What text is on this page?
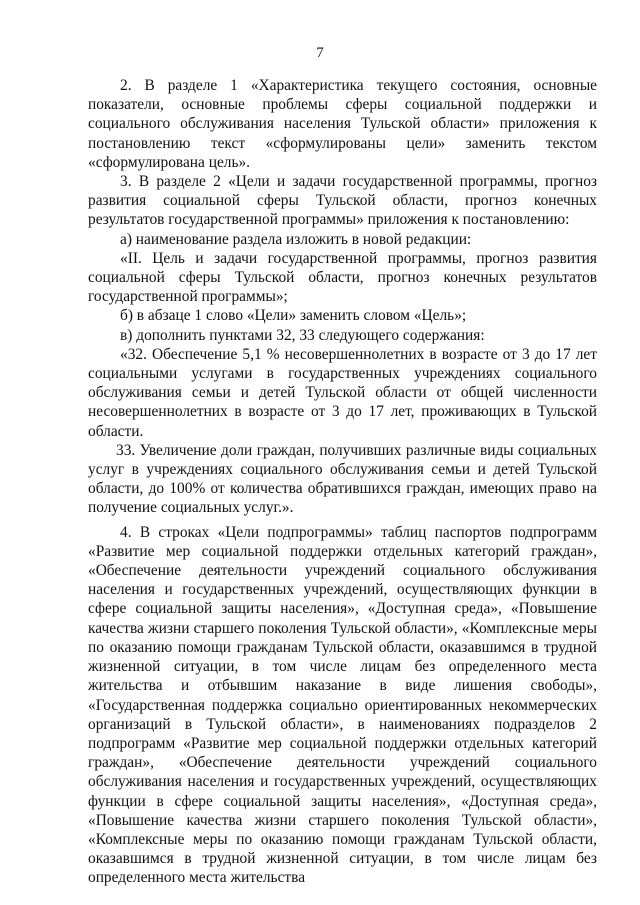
7

2. В разделе 1 «Характеристика текущего состояния, основные показатели, основные проблемы сферы социальной поддержки и социального обслуживания населения Тульской области» приложения к постановлению текст «сформулированы цели» заменить текстом «сформулирована цель».

3. В разделе 2 «Цели и задачи государственной программы, прогноз развития социальной сферы Тульской области, прогноз конечных результатов государственной программы» приложения к постановлению:

а) наименование раздела изложить в новой редакции:

«II. Цель и задачи государственной программы, прогноз развития социальной сферы Тульской области, прогноз конечных результатов государственной программы»;

б) в абзаце 1 слово «Цели» заменить словом «Цель»;

в) дополнить пунктами 32, 33 следующего содержания:

«32. Обеспечение 5,1 % несовершеннолетних в возрасте от 3 до 17 лет социальными услугами в государственных учреждениях социального обслуживания семьи и детей Тульской области от общей численности несовершеннолетних в возрасте от 3 до 17 лет, проживающих в Тульской области.

33. Увеличение доли граждан, получивших различные виды социальных услуг в учреждениях социального обслуживания семьи и детей Тульской области, до 100% от количества обратившихся граждан, имеющих право на получение социальных услуг.».

4. В строках «Цели подпрограммы» таблиц паспортов подпрограмм «Развитие мер социальной поддержки отдельных категорий граждан», «Обеспечение деятельности учреждений социального обслуживания населения и государственных учреждений, осуществляющих функции в сфере социальной защиты населения», «Доступная среда», «Повышение качества жизни старшего поколения Тульской области», «Комплексные меры по оказанию помощи гражданам Тульской области, оказавшимся в трудной жизненной ситуации, в том числе лицам без определенного места жительства и отбывшим наказание в виде лишения свободы», «Государственная поддержка социально ориентированных некоммерческих организаций в Тульской области», в наименованиях подразделов 2 подпрограмм «Развитие мер социальной поддержки отдельных категорий граждан», «Обеспечение деятельности учреждений социального обслуживания населения и государственных учреждений, осуществляющих функции в сфере социальной защиты населения», «Доступная среда», «Повышение качества жизни старшего поколения Тульской области», «Комплексные меры по оказанию помощи гражданам Тульской области, оказавшимся в трудной жизненной ситуации, в том числе лицам без определенного места жительства
